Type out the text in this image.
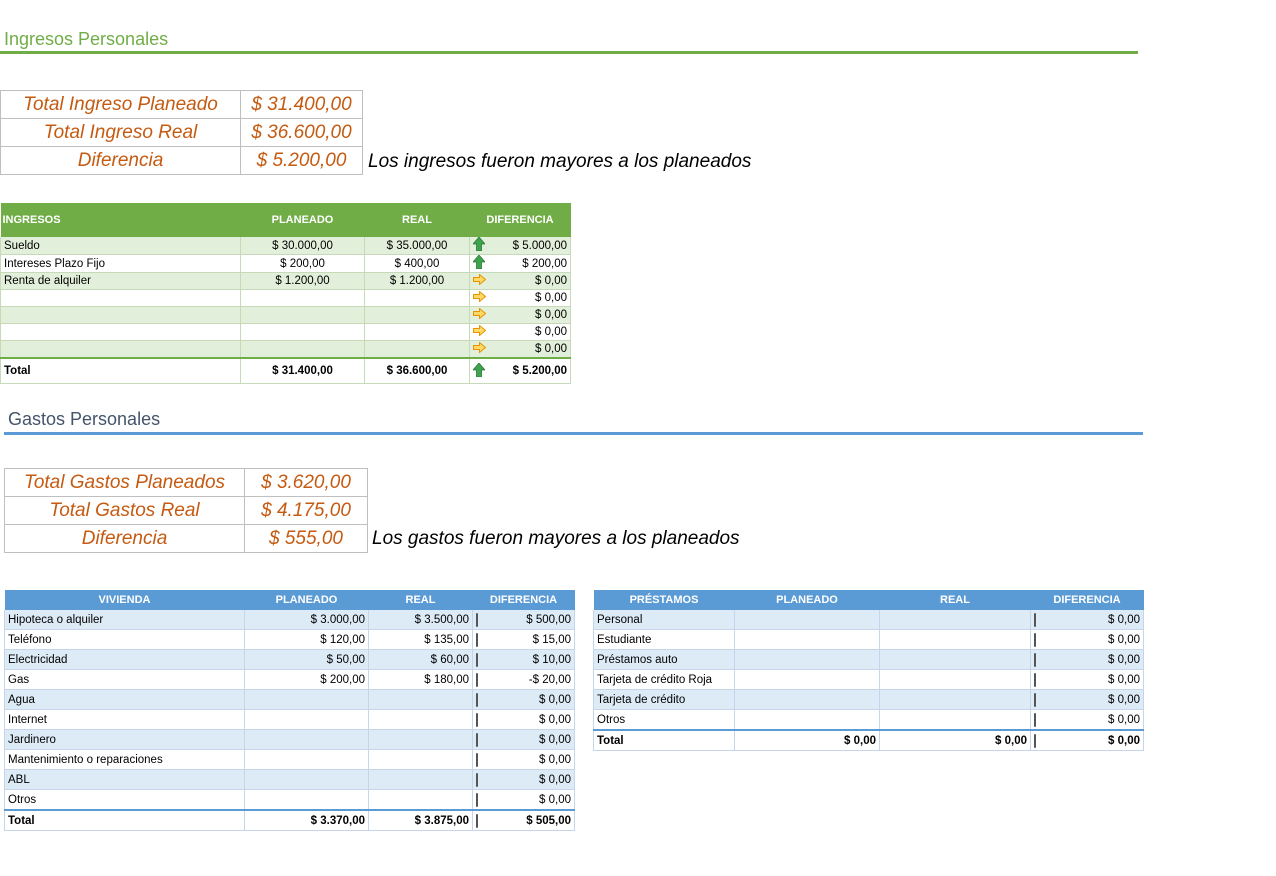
Ingresos Personales
Total Ingreso Planeado	$ 31.400,00
Total Ingreso Real	$ 36.600,00
Diferencia	$ 5.200,00 Los ingresos fueron mayores a los planeados
INGRESOS	PLANEADO	REAL	DIFERENCIA
Sueldo	$ 30.000,00	$ 35.000,00	$ 5.000,00

Intereses Plazo Fijo	$ 200,00	$ 400,00	$ 200,00

Renta de alquiler	$ 1.200,00	$ 1.200,00	$ 0,00

			$ 0,00

			$ 0,00

			$ 0,00

			$ 0,00

Total	$ 31.400,00	$ 36.600,00	$ 5.200,00
Gastos Personales
Total Gastos Planeados	$ 3.620,00
Total Gastos Real	$ 4.175,00
Diferencia	$ 555,00 Los gastos fueron mayores a los planeados
VIVIENDA	PLANEADO	REAL	DIFERENCIA
Hipoteca o alquiler	$ 3.000,00	$ 3.500,00	$ 500,00

Teléfono	$ 120,00	$ 135,00	$ 15,00

Electricidad	$ 50,00	$ 60,00	$ 10,00

Gas	$ 200,00	$ 180,00	-$ 20,00

Agua			$ 0,00

Internet			$ 0,00

Jardinero			$ 0,00

Mantenimiento o reparaciones			$ 0,00

ABL			$ 0,00

Otros			$ 0,00

Total	$ 3.370,00	$ 3.875,00	$ 505,00
PRÉSTAMOS	PLANEADO	REAL	DIFERENCIA
Personal			$ 0,00

Estudiante			$ 0,00

Préstamos auto			$ 0,00

Tarjeta de crédito Roja			$ 0,00

Tarjeta de crédito			$ 0,00

Otros			$ 0,00

Total	$ 0,00	$ 0,00	$ 0,00
